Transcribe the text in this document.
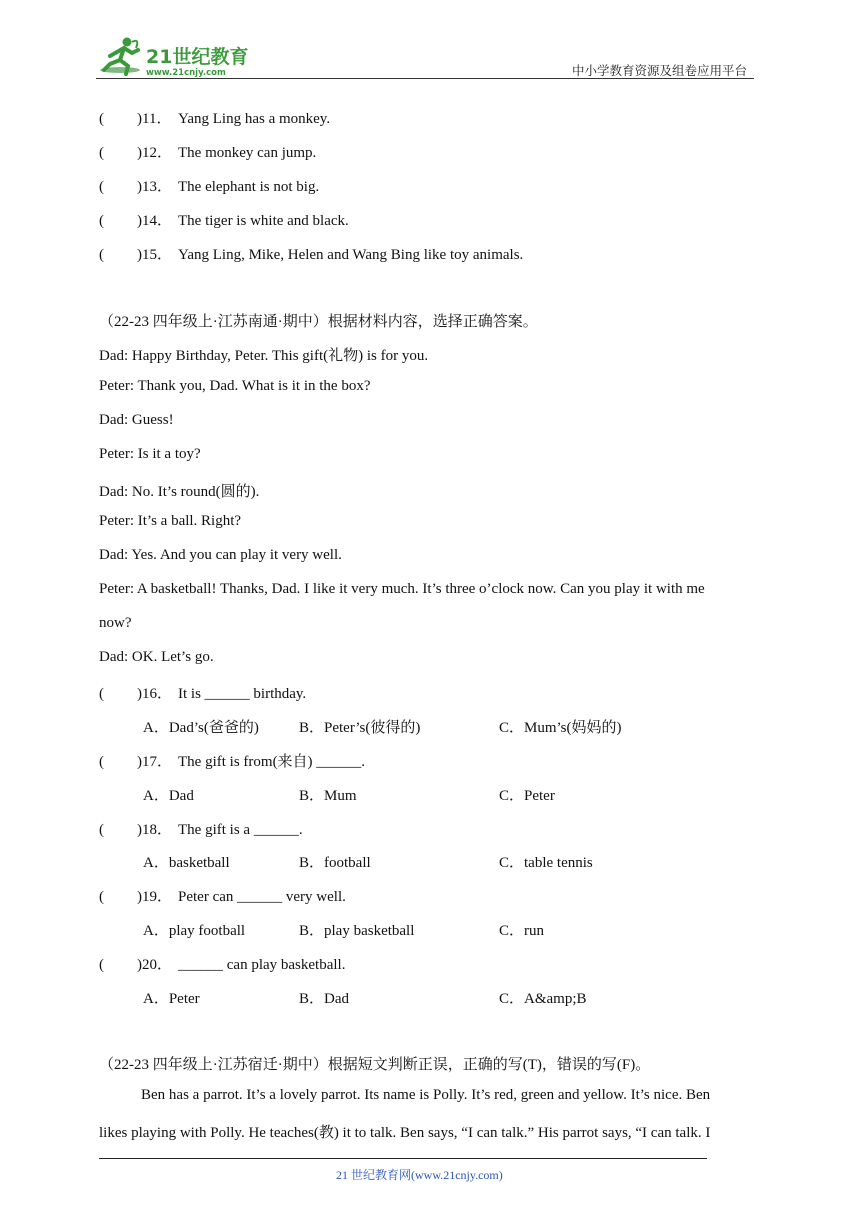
21世纪教育
www.21cnjy.com	中小学教育资源及组卷应用平台
( )11． Yang Ling has a monkey.
( )12． The monkey can jump.
( )13． The elephant is not big.
( )14． The tiger is white and black.
( )15． Yang Ling, Mike, Helen and Wang Bing like toy animals.
（22-23 四年级上·江苏南通·期中）根据材料内容，选择正确答案。
Dad: Happy Birthday, Peter. This gift(礼物) is for you.
Peter: Thank you, Dad. What is it in the box?
Dad: Guess!
Peter: Is it a toy?
Dad: No. It’s round(圆的).
Peter: It’s a ball. Right?
Dad: Yes. And you can play it very well.
Peter: A basketball! Thanks, Dad. I like it very much. It’s three o’clock now. Can you play it with me
now?
Dad: OK. Let’s go.
( )16． It is ______ birthday.
A．Dad’s(爸爸的)	B．Peter’s(彼得的)	C．Mum’s(妈妈的)
( )17． The gift is from(来自) ______.
A．Dad	B．Mum	C．Peter
( )18． The gift is a ______.
A．basketball	B．football	C．table tennis
( )19． Peter can ______ very well.
A．play football	B．play basketball	C．run
( )20． ______ can play basketball.
A．Peter	B．Dad	C．A&amp;B
（22-23 四年级上·江苏宿迁·期中）根据短文判断正误，正确的写(T)，错误的写(F)。
Ben has a parrot. It’s a lovely parrot. Its name is Polly. It’s red, green and yellow. It’s nice. Ben
likes playing with Polly. He teaches(教) it to talk. Ben says, “I can talk.” His parrot says, “I can talk. I
21 世纪教育网(www.21cnjy.com)
